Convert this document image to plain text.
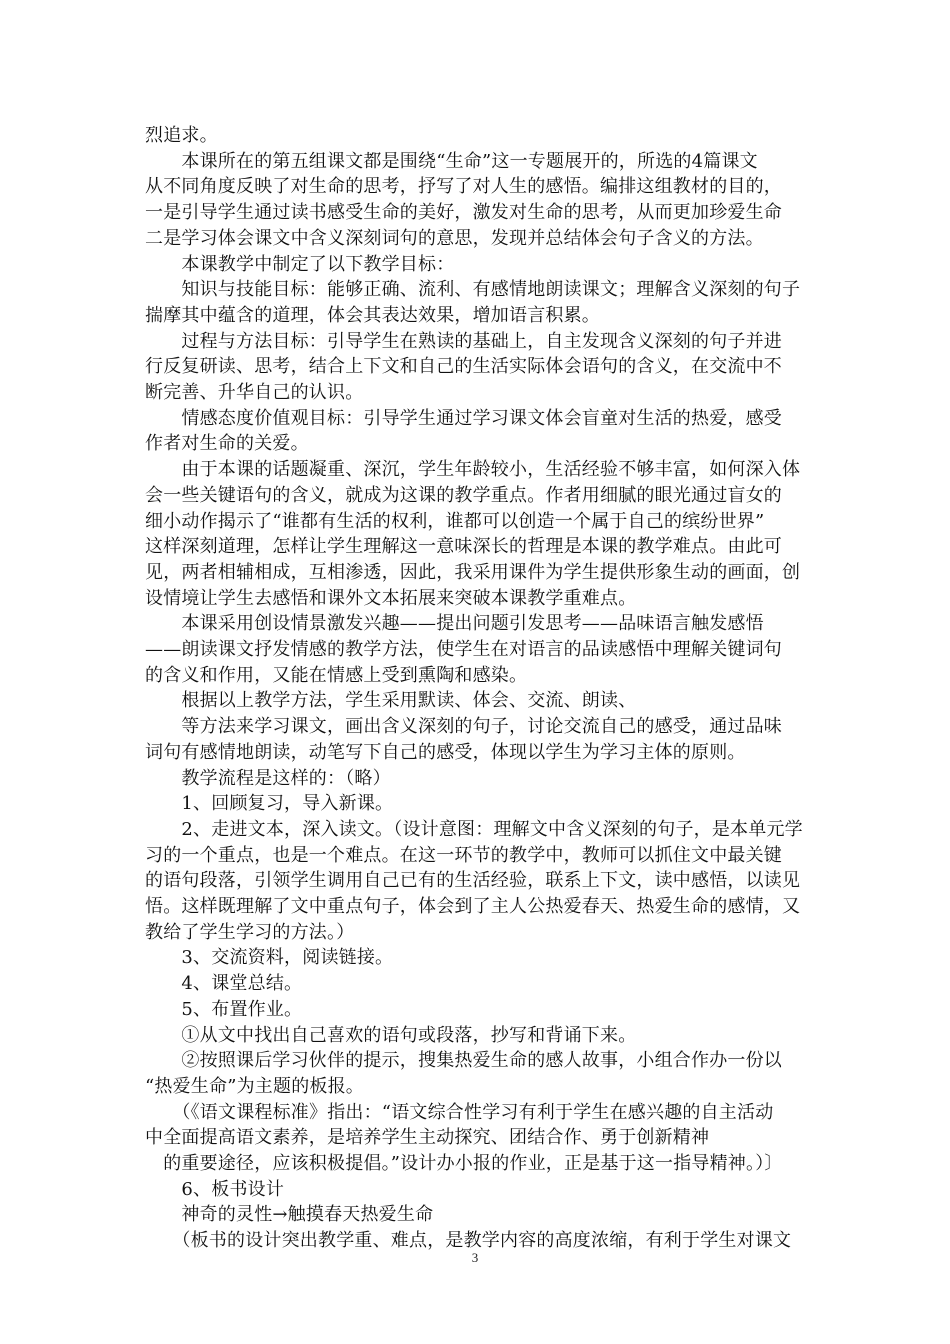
烈追求。
　　本课所在的第五组课文都是围绕“生命”这一专题展开的，所选的4篇课文
从不同角度反映了对生命的思考，抒写了对人生的感悟。编排这组教材的目的，
一是引导学生通过读书感受生命的美好，激发对生命的思考，从而更加珍爱生命
二是学习体会课文中含义深刻词句的意思，发现并总结体会句子含义的方法。
　　本课教学中制定了以下教学目标：
　　知识与技能目标：能够正确、流利、有感情地朗读课文；理解含义深刻的句子
揣摩其中蕴含的道理，体会其表达效果，增加语言积累。
　　过程与方法目标：引导学生在熟读的基础上，自主发现含义深刻的句子并进
行反复研读、思考，结合上下文和自己的生活实际体会语句的含义，在交流中不
断完善、升华自己的认识。
　　情感态度价值观目标：引导学生通过学习课文体会盲童对生活的热爱，感受
作者对生命的关爱。
　　由于本课的话题凝重、深沉，学生年龄较小，生活经验不够丰富，如何深入体
会一些关键语句的含义，就成为这课的教学重点。作者用细腻的眼光通过盲女的
细小动作揭示了“谁都有生活的权利，谁都可以创造一个属于自己的缤纷世界”
这样深刻道理，怎样让学生理解这一意味深长的哲理是本课的教学难点。由此可
见，两者相辅相成，互相渗透，因此，我采用课件为学生提供形象生动的画面，创
设情境让学生去感悟和课外文本拓展来突破本课教学重难点。
　　本课采用创设情景激发兴趣——提出问题引发思考——品味语言触发感悟
——朗读课文抒发情感的教学方法，使学生在对语言的品读感悟中理解关键词句
的含义和作用，又能在情感上受到熏陶和感染。
　　根据以上教学方法，学生采用默读、体会、交流、朗读、
　　等方法来学习课文，画出含义深刻的句子，讨论交流自己的感受，通过品味
词句有感情地朗读，动笔写下自己的感受，体现以学生为学习主体的原则。
　　教学流程是这样的：（略）
　　1、回顾复习，导入新课。
　　2、走进文本，深入读文。（设计意图：理解文中含义深刻的句子，是本单元学
习的一个重点，也是一个难点。在这一环节的教学中，教师可以抓住文中最关键
的语句段落，引领学生调用自己已有的生活经验，联系上下文，读中感悟，以读见
悟。这样既理解了文中重点句子，体会到了主人公热爱春天、热爱生命的感情，又
教给了学生学习的方法。）
　　3、交流资料，阅读链接。
　　4、课堂总结。
　　5、布置作业。
　　①从文中找出自己喜欢的语句或段落，抄写和背诵下来。
　　②按照课后学习伙伴的提示，搜集热爱生命的感人故事，小组合作办一份以
“热爱生命”为主题的板报。
　　（《语文课程标准》指出：“语文综合性学习有利于学生在感兴趣的自主活动
中全面提高语文素养，是培养学生主动探究、团结合作、勇于创新精神
　的重要途径，应该积极提倡。”设计办小报的作业，正是基于这一指导精神。）〕
　　6、板书设计
　　神奇的灵性→触摸春天热爱生命
　　（板书的设计突出教学重、难点，是教学内容的高度浓缩，有利于学生对课文
3
